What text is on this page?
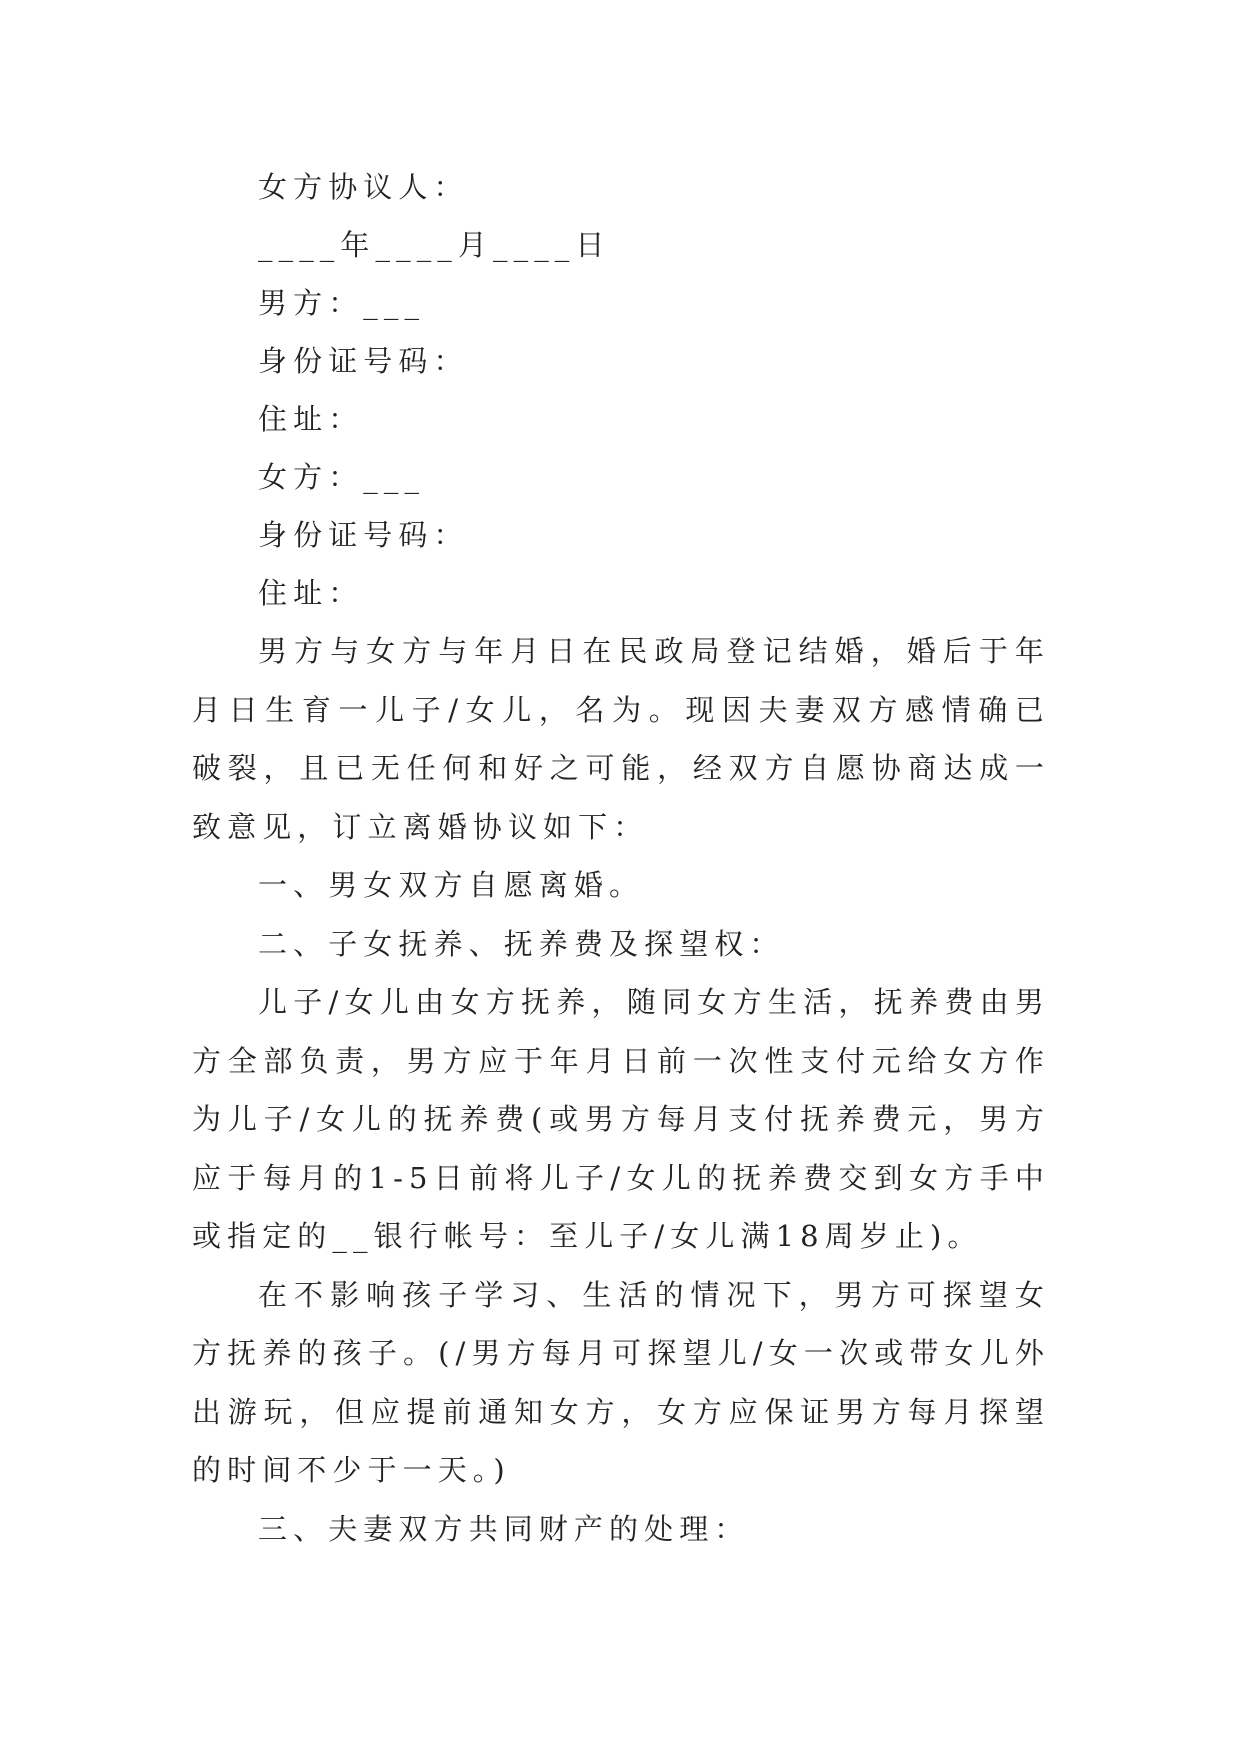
女方协议人：

____年____月____日

男方：___

身份证号码：

住址：

女方：___

身份证号码：

住址：

男方与女方与年月日在民政局登记结婚，婚后于年月日生育一儿子/女儿，名为。现因夫妻双方感情确已破裂，且已无任何和好之可能，经双方自愿协商达成一致意见，订立离婚协议如下：

一、男女双方自愿离婚。

二、子女抚养、抚养费及探望权：

儿子/女儿由女方抚养，随同女方生活，抚养费由男方全部负责，男方应于年月日前一次性支付元给女方作为儿子/女儿的抚养费(或男方每月支付抚养费元，男方应于每月的1-5日前将儿子/女儿的抚养费交到女方手中或指定的__银行帐号：至儿子/女儿满18周岁止)。

在不影响孩子学习、生活的情况下，男方可探望女方抚养的孩子。(/男方每月可探望儿/女一次或带女儿外出游玩，但应提前通知女方，女方应保证男方每月探望的时间不少于一天。)

三、夫妻双方共同财产的处理：
